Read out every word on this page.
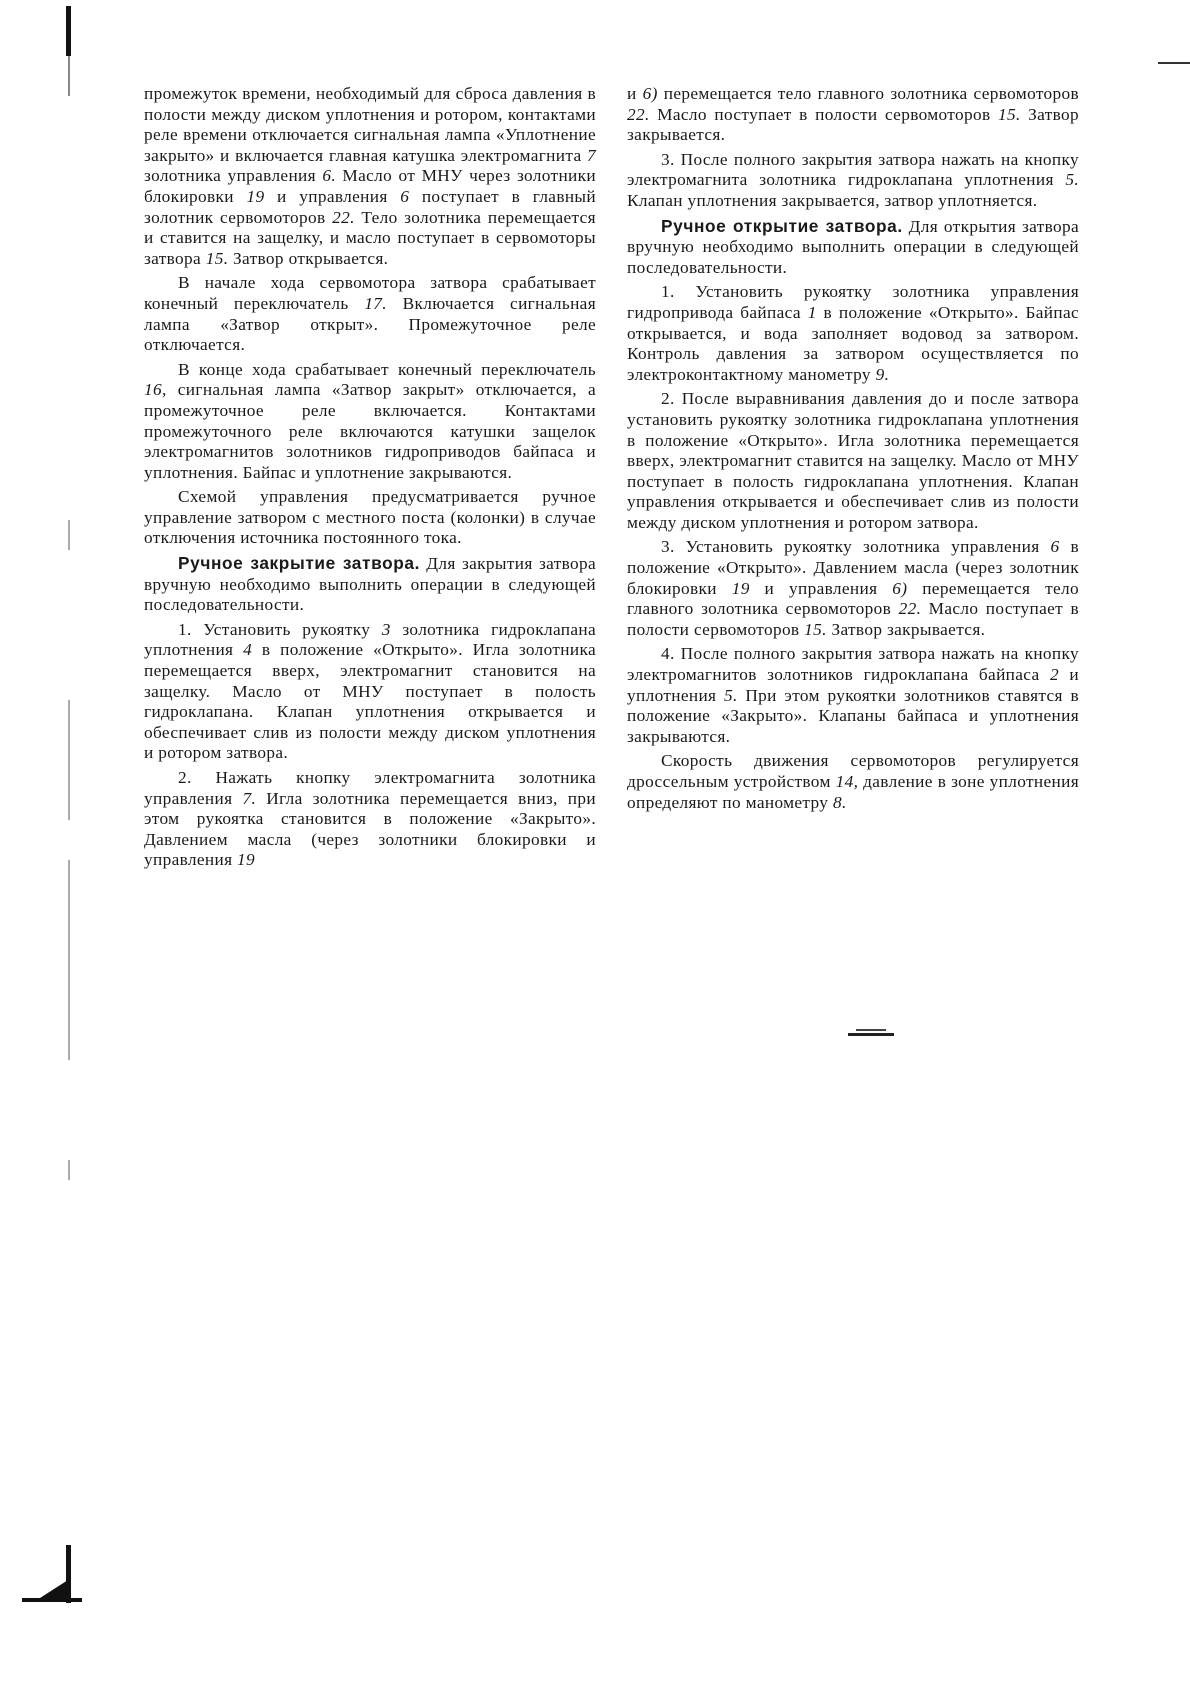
промежуток времени, необходимый для сброса давления в полости между диском уплотнения и ротором, контактами реле времени отключается сигнальная лампа «Уплотнение закрыто» и включается главная катушка электромагнита 7 золотника управления 6. Масло от МНУ через золотники блокировки 19 и управления 6 поступает в главный золотник сервомоторов 22. Тело золотника перемещается и ставится на защелку, и масло поступает в сервомоторы затвора 15. Затвор открывается.

В начале хода сервомотора затвора срабатывает конечный переключатель 17. Включается сигнальная лампа «Затвор открыт». Промежуточное реле отключается.

В конце хода срабатывает конечный переключатель 16, сигнальная лампа «Затвор закрыт» отключается, а промежуточное реле включается. Контактами промежуточного реле включаются катушки защелок электромагнитов золотников гидроприводов байпаса и уплотнения. Байпас и уплотнение закрываются.

Схемой управления предусматривается ручное управление затвором с местного поста (колонки) в случае отключения источника постоянного тока.

Ручное закрытие затвора. Для закрытия затвора вручную необходимо выполнить операции в следующей последовательности.

1. Установить рукоятку 3 золотника гидроклапана уплотнения 4 в положение «Открыто». Игла золотника перемещается вверх, электромагнит становится на защелку. Масло от МНУ поступает в полость гидроклапана. Клапан уплотнения открывается и обеспечивает слив из полости между диском уплотнения и ротором затвора.

2. Нажать кнопку электромагнита золотника управления 7. Игла золотника перемещается вниз, при этом рукоятка становится в положение «Закрыто». Давлением масла (через золотники блокировки и управления 19

и 6) перемещается тело главного золотника сервомоторов 22. Масло поступает в полости сервомоторов 15. Затвор закрывается.

3. После полного закрытия затвора нажать на кнопку электромагнита золотника гидроклапана уплотнения 5. Клапан уплотнения закрывается, затвор уплотняется.

Ручное открытие затвора. Для открытия затвора вручную необходимо выполнить операции в следующей последовательности.

1. Установить рукоятку золотника управления гидропривода байпаса 1 в положение «Открыто». Байпас открывается, и вода заполняет водовод за затвором. Контроль давления за затвором осуществляется по электроконтактному манометру 9.

2. После выравнивания давления до и после затвора установить рукоятку золотника гидроклапана уплотнения в положение «Открыто». Игла золотника перемещается вверх, электромагнит ставится на защелку. Масло от МНУ поступает в полость гидроклапана уплотнения. Клапан управления открывается и обеспечивает слив из полости между диском уплотнения и ротором затвора.

3. Установить рукоятку золотника управления 6 в положение «Открыто». Давлением масла (через золотник блокировки 19 и управления 6) перемещается тело главного золотника сервомоторов 22. Масло поступает в полости сервомоторов 15. Затвор закрывается.

4. После полного закрытия затвора нажать на кнопку электромагнитов золотников гидроклапана байпаса 2 и уплотнения 5. При этом рукоятки золотников ставятся в положение «Закрыто». Клапаны байпаса и уплотнения закрываются.

Скорость движения сервомоторов регулируется дроссельным устройством 14, давление в зоне уплотнения определяют по манометру 8.
